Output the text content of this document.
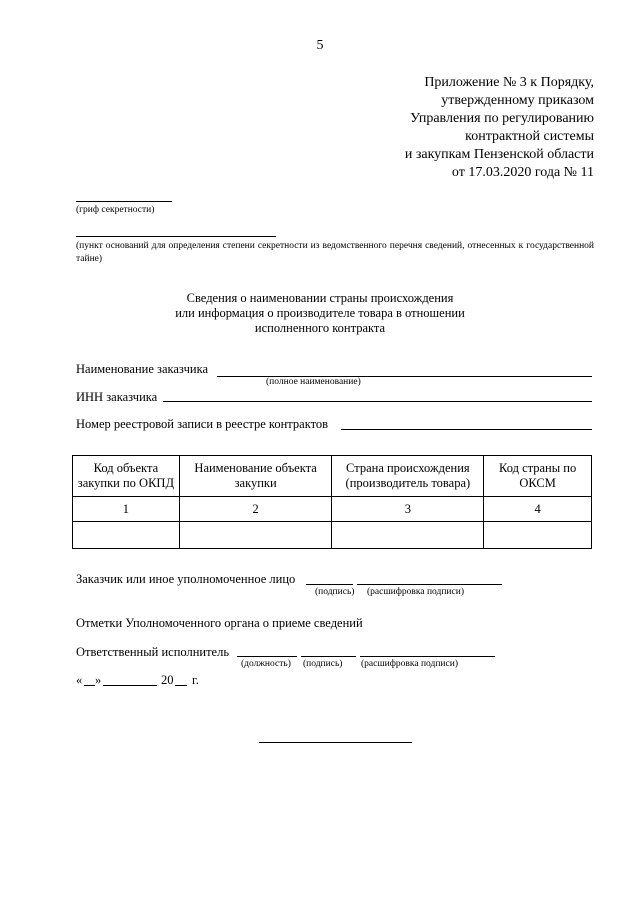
5
Приложение № 3 к Порядку,
утвержденному приказом
Управления по регулированию
контрактной системы
и закупкам Пензенской области
от 17.03.2020 года № 11
(гриф секретности)
(пункт оснований для определения степени секретности из ведомственного перечня сведений, отнесенных к государственной тайне)
Сведения о наименовании страны происхождения
или информация о производителе товара в отношении
исполненного контракта
Наименование заказчика
(полное наименование)
ИНН заказчика
Номер реестровой записи в реестре контрактов
Код объекта закупки по ОКПД	Наименование объекта закупки	Страна происхождения (производитель товара)	Код страны по ОКСМ
1	2	3	4

Заказчик или иное уполномоченное лицо
(подпись) (расшифровка подписи)
Отметки Уполномоченного органа о приеме сведений
Ответственный исполнитель
(должность) (подпись) (расшифровка подписи)
« »	20 г.
